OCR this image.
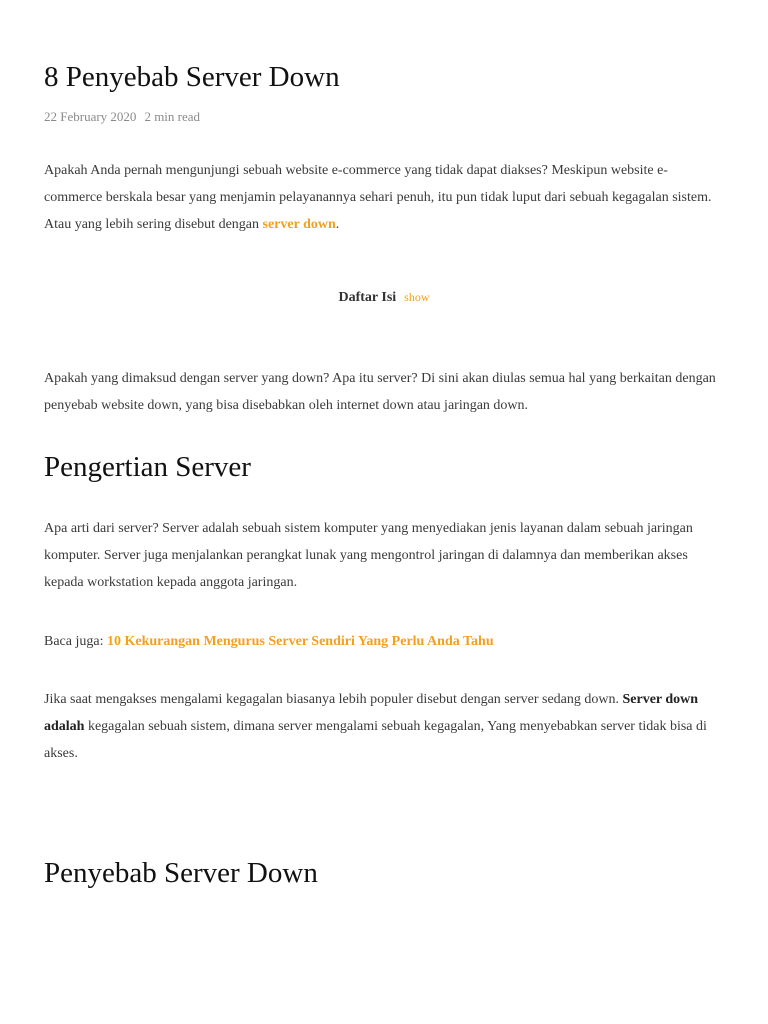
8 Penyebab Server Down
22 February 2020 2 min read

Apakah Anda pernah mengunjungi sebuah website e-commerce yang tidak dapat diakses? Meskipun website e-commerce berskala besar yang menjamin pelayanannya sehari penuh, itu pun tidak luput dari sebuah kegagalan sistem. Atau yang lebih sering disebut dengan server down.

Daftar Isi show

Apakah yang dimaksud dengan server yang down? Apa itu server? Di sini akan diulas semua hal yang berkaitan dengan penyebab website down, yang bisa disebabkan oleh internet down atau jaringan down.

Pengertian Server

Apa arti dari server? Server adalah sebuah sistem komputer yang menyediakan jenis layanan dalam sebuah jaringan komputer. Server juga menjalankan perangkat lunak yang mengontrol jaringan di dalamnya dan memberikan akses kepada workstation kepada anggota jaringan.

Baca juga: 10 Kekurangan Mengurus Server Sendiri Yang Perlu Anda Tahu

Jika saat mengakses mengalami kegagalan biasanya lebih populer disebut dengan server sedang down. Server down adalah kegagalan sebuah sistem, dimana server mengalami sebuah kegagalan, Yang menyebabkan server tidak bisa di akses.

Penyebab Server Down
